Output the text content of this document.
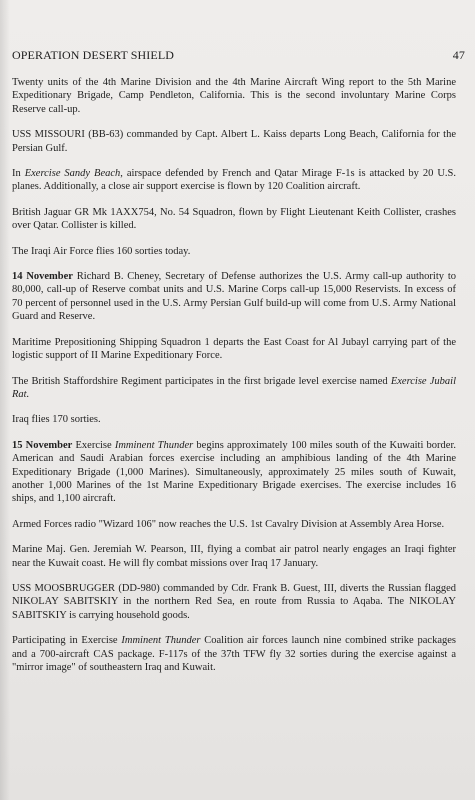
OPERATION DESERT SHIELD	47

Twenty units of the 4th Marine Division and the 4th Marine Aircraft Wing report to the 5th Marine Expeditionary Brigade, Camp Pendleton, California. This is the second involuntary Marine Corps Reserve call-up.

USS MISSOURI (BB-63) commanded by Capt. Albert L. Kaiss departs Long Beach, California for the Persian Gulf.

In Exercise Sandy Beach, airspace defended by French and Qatar Mirage F-1s is attacked by 20 U.S. planes. Additionally, a close air support exercise is flown by 120 Coalition aircraft.

British Jaguar GR Mk 1AXX754, No. 54 Squadron, flown by Flight Lieutenant Keith Collister, crashes over Qatar. Collister is killed.

The Iraqi Air Force flies 160 sorties today.

14 November Richard B. Cheney, Secretary of Defense authorizes the U.S. Army call-up authority to 80,000, call-up of Reserve combat units and U.S. Marine Corps call-up 15,000 Reservists. In excess of 70 percent of personnel used in the U.S. Army Persian Gulf build-up will come from U.S. Army National Guard and Reserve.

Maritime Prepositioning Shipping Squadron 1 departs the East Coast for Al Jubayl carrying part of the logistic support of II Marine Expeditionary Force.

The British Staffordshire Regiment participates in the first brigade level exercise named Exercise Jubail Rat.

Iraq flies 170 sorties.

15 November Exercise Imminent Thunder begins approximately 100 miles south of the Kuwaiti border. American and Saudi Arabian forces exercise including an amphibious landing of the 4th Marine Expeditionary Brigade (1,000 Marines). Simultaneously, approximately 25 miles south of Kuwait, another 1,000 Marines of the 1st Marine Expeditionary Brigade exercises. The exercise includes 16 ships, and 1,100 aircraft.

Armed Forces radio "Wizard 106" now reaches the U.S. 1st Cavalry Division at Assembly Area Horse.

Marine Maj. Gen. Jeremiah W. Pearson, III, flying a combat air patrol nearly engages an Iraqi fighter near the Kuwait coast. He will fly combat missions over Iraq 17 January.

USS MOOSBRUGGER (DD-980) commanded by Cdr. Frank B. Guest, III, diverts the Russian flagged NIKOLAY SABITSKIY in the northern Red Sea, en route from Russia to Aqaba. The NIKOLAY SABITSKIY is carrying household goods.

Participating in Exercise Imminent Thunder Coalition air forces launch nine combined strike packages and a 700-aircraft CAS package. F-117s of the 37th TFW fly 32 sorties during the exercise against a "mirror image" of southeastern Iraq and Kuwait.
